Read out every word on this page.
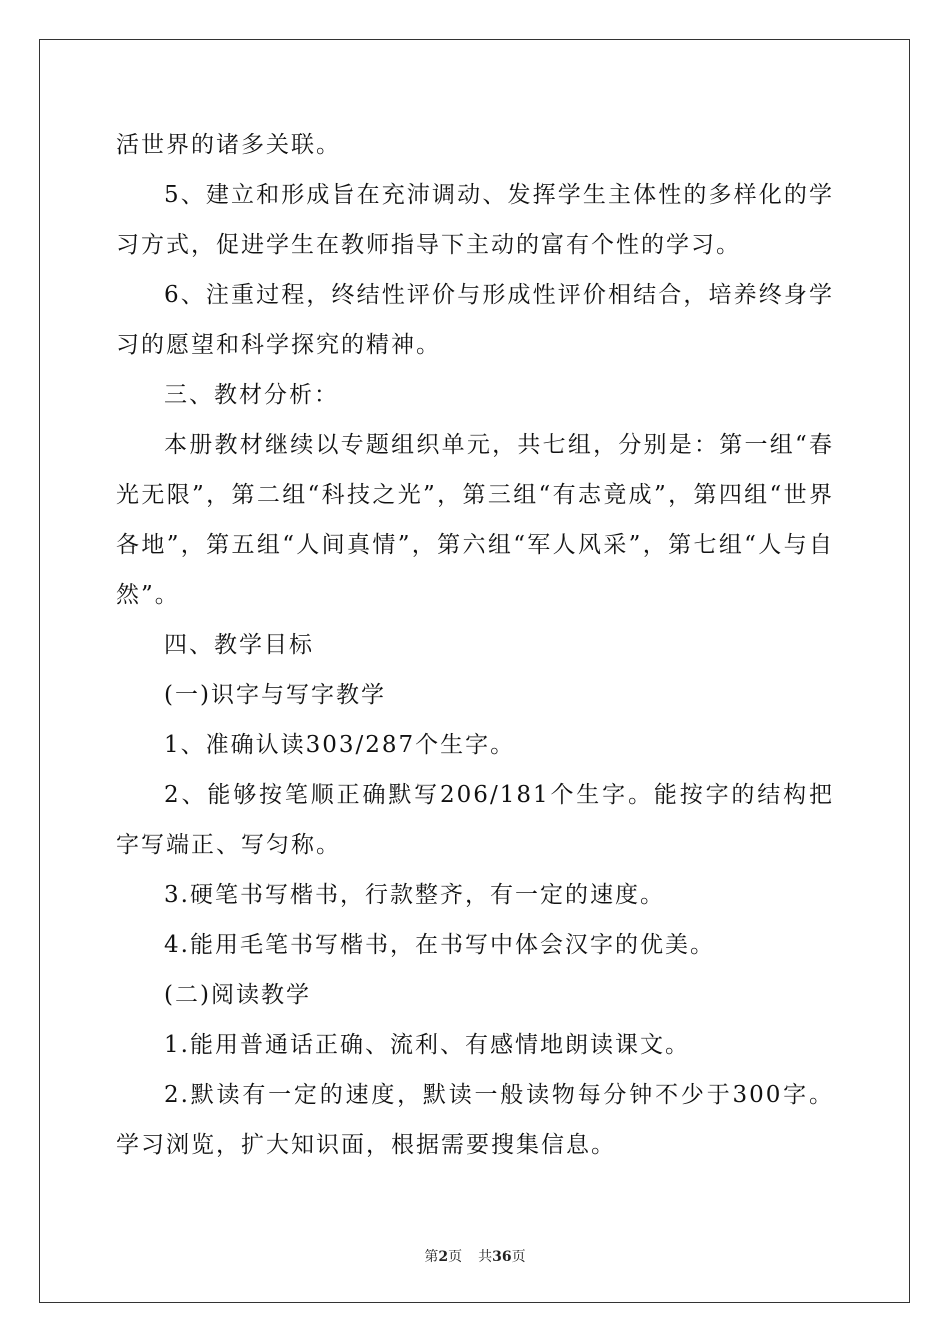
活世界的诸多关联。

5、建立和形成旨在充沛调动、发挥学生主体性的多样化的学习方式，促进学生在教师指导下主动的富有个性的学习。

6、注重过程，终结性评价与形成性评价相结合，培养终身学习的愿望和科学探究的精神。

三、教材分析：

本册教材继续以专题组织单元，共七组，分别是：第一组“春光无限”，第二组“科技之光”，第三组“有志竟成”，第四组“世界各地”，第五组“人间真情”，第六组“军人风采”，第七组“人与自然”。

四、教学目标

(一)识字与写字教学

1、准确认读303/287个生字。

2、能够按笔顺正确默写206/181个生字。能按字的结构把字写端正、写匀称。

3.硬笔书写楷书，行款整齐，有一定的速度。

4.能用毛笔书写楷书，在书写中体会汉字的优美。

(二)阅读教学

1.能用普通话正确、流利、有感情地朗读课文。

2.默读有一定的速度，默读一般读物每分钟不少于300字。学习浏览，扩大知识面，根据需要搜集信息。

第2页 共36页
